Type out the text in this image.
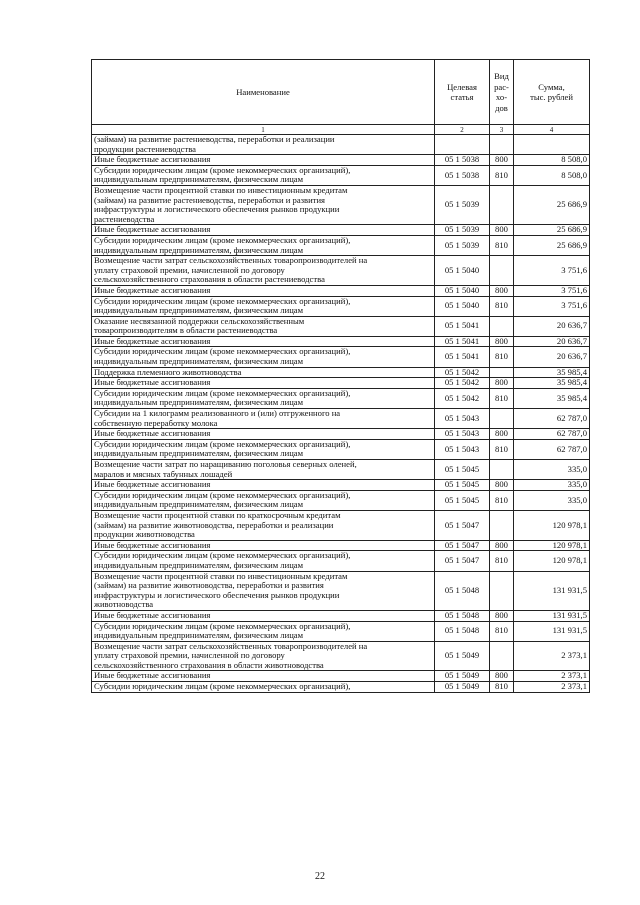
Наименование	Целевая статья	Вид
рас-
хо-
дов	Сумма,
тыс. рублей

1	2	3	4

(займам) на развитие растениеводства, переработки и реализации
продукции растениеводства			

Иные бюджетные ассигнования	05 1 5038	800	8 508,0

Субсидии юридическим лицам (кроме некоммерческих организаций),
индивидуальным предпринимателям, физическим лицам	05 1 5038	810	8 508,0

Возмещение части процентной ставки по инвестиционным кредитам
(займам) на развитие растениеводства, переработки и развития
инфраструктуры и логистического обеспечения рынков продукции
растениеводства	05 1 5039		25 686,9

Иные бюджетные ассигнования	05 1 5039	800	25 686,9

Субсидии юридическим лицам (кроме некоммерческих организаций),
индивидуальным предпринимателям, физическим лицам	05 1 5039	810	25 686,9

Возмещение части затрат сельскохозяйственных товаропроизводителей на
уплату страховой премии, начисленной по договору
сельскохозяйственного страхования в области растениеводства	05 1 5040		3 751,6

Иные бюджетные ассигнования	05 1 5040	800	3 751,6

Субсидии юридическим лицам (кроме некоммерческих организаций),
индивидуальным предпринимателям, физическим лицам	05 1 5040	810	3 751,6

Оказание несвязанной поддержки сельскохозяйственным
товаропроизводителям в области растениеводства	05 1 5041		20 636,7

Иные бюджетные ассигнования	05 1 5041	800	20 636,7

Субсидии юридическим лицам (кроме некоммерческих организаций),
индивидуальным предпринимателям, физическим лицам	05 1 5041	810	20 636,7

Поддержка племенного животноводства	05 1 5042		35 985,4

Иные бюджетные ассигнования	05 1 5042	800	35 985,4

Субсидии юридическим лицам (кроме некоммерческих организаций),
индивидуальным предпринимателям, физическим лицам	05 1 5042	810	35 985,4

Субсидии на 1 килограмм реализованного и (или) отгруженного на
собственную переработку молока	05 1 5043		62 787,0

Иные бюджетные ассигнования	05 1 5043	800	62 787,0

Субсидии юридическим лицам (кроме некоммерческих организаций),
индивидуальным предпринимателям, физическим лицам	05 1 5043	810	62 787,0

Возмещение части затрат по наращиванию поголовья северных оленей,
маралов и мясных табунных лошадей	05 1 5045		335,0

Иные бюджетные ассигнования	05 1 5045	800	335,0

Субсидии юридическим лицам (кроме некоммерческих организаций),
индивидуальным предпринимателям, физическим лицам	05 1 5045	810	335,0

Возмещение части процентной ставки по краткосрочным кредитам
(займам) на развитие животноводства, переработки и реализации
продукции животноводства	05 1 5047		120 978,1

Иные бюджетные ассигнования	05 1 5047	800	120 978,1

Субсидии юридическим лицам (кроме некоммерческих организаций),
индивидуальным предпринимателям, физическим лицам	05 1 5047	810	120 978,1

Возмещение части процентной ставки по инвестиционным кредитам
(займам) на развитие животноводства, переработки и развития
инфраструктуры и логистического обеспечения рынков продукции
животноводства	05 1 5048		131 931,5

Иные бюджетные ассигнования	05 1 5048	800	131 931,5

Субсидии юридическим лицам (кроме некоммерческих организаций),
индивидуальным предпринимателям, физическим лицам	05 1 5048	810	131 931,5

Возмещение части затрат сельскохозяйственных товаропроизводителей на
уплату страховой премии, начисленной по договору
сельскохозяйственного страхования в области животноводства	05 1 5049		2 373,1

Иные бюджетные ассигнования	05 1 5049	800	2 373,1

Субсидии юридическим лицам (кроме некоммерческих организаций),	05 1 5049	810	2 373,1
22
